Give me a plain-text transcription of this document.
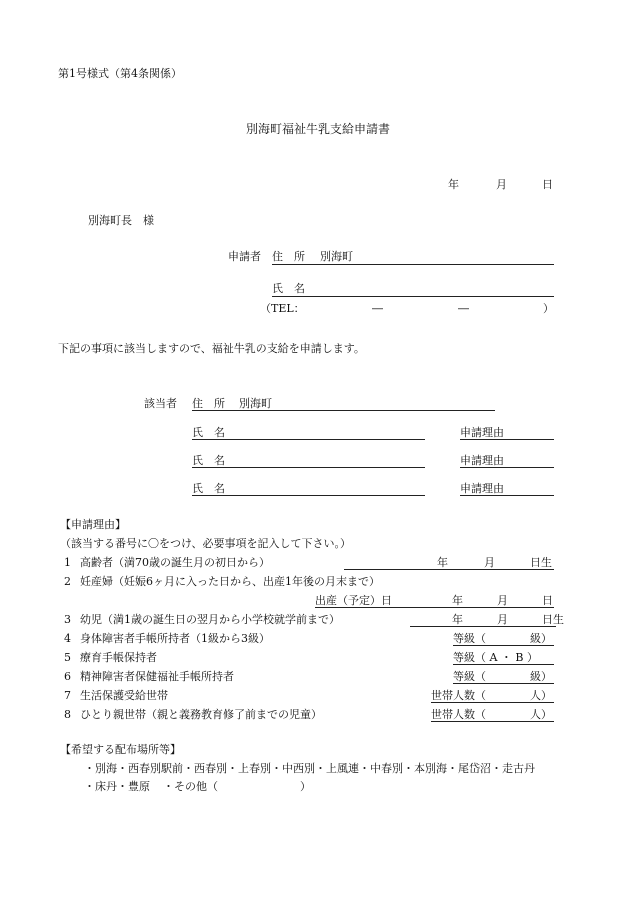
第1号様式（第4条関係）
別海町福祉牛乳支給申請書
年	月	日
別海町長　様
申請者 住　所 別海町
氏　名
（TEL：	―	―	）
下記の事項に該当しますので、福祉牛乳の支給を申請します。
該当者 住　所 別海町
氏　名	申請理由
氏　名	申請理由
氏　名	申請理由
【申請理由】
（該当する番号に〇をつけ、必要事項を記入して下さい。）
1 高齢者（満70歳の誕生月の初日から）	年	月	日生
2 妊産婦（妊娠6ヶ月に入った日から、出産1年後の月末まで）
出産（予定）日	年	月	日
3 幼児（満1歳の誕生日の翌月から小学校就学前まで）	年	月	日生
4 身体障害者手帳所持者（1級から3級）	等級（　　　　級）
5 療育手帳保持者	等級（ A ・ B ）
6 精神障害者保健福祉手帳所持者	等級（　　　　級）
7 生活保護受給世帯	世帯人数（　　　　人）
8 ひとり親世帯（親と義務教育修了前までの児童）	世帯人数（　　　　人）
【希望する配布場所等】
・別海・西春別駅前・西春別・上春別・中西別・上風連・中春別・本別海・尾岱沼・走古丹
・床丹・豊原 ・その他（	）
